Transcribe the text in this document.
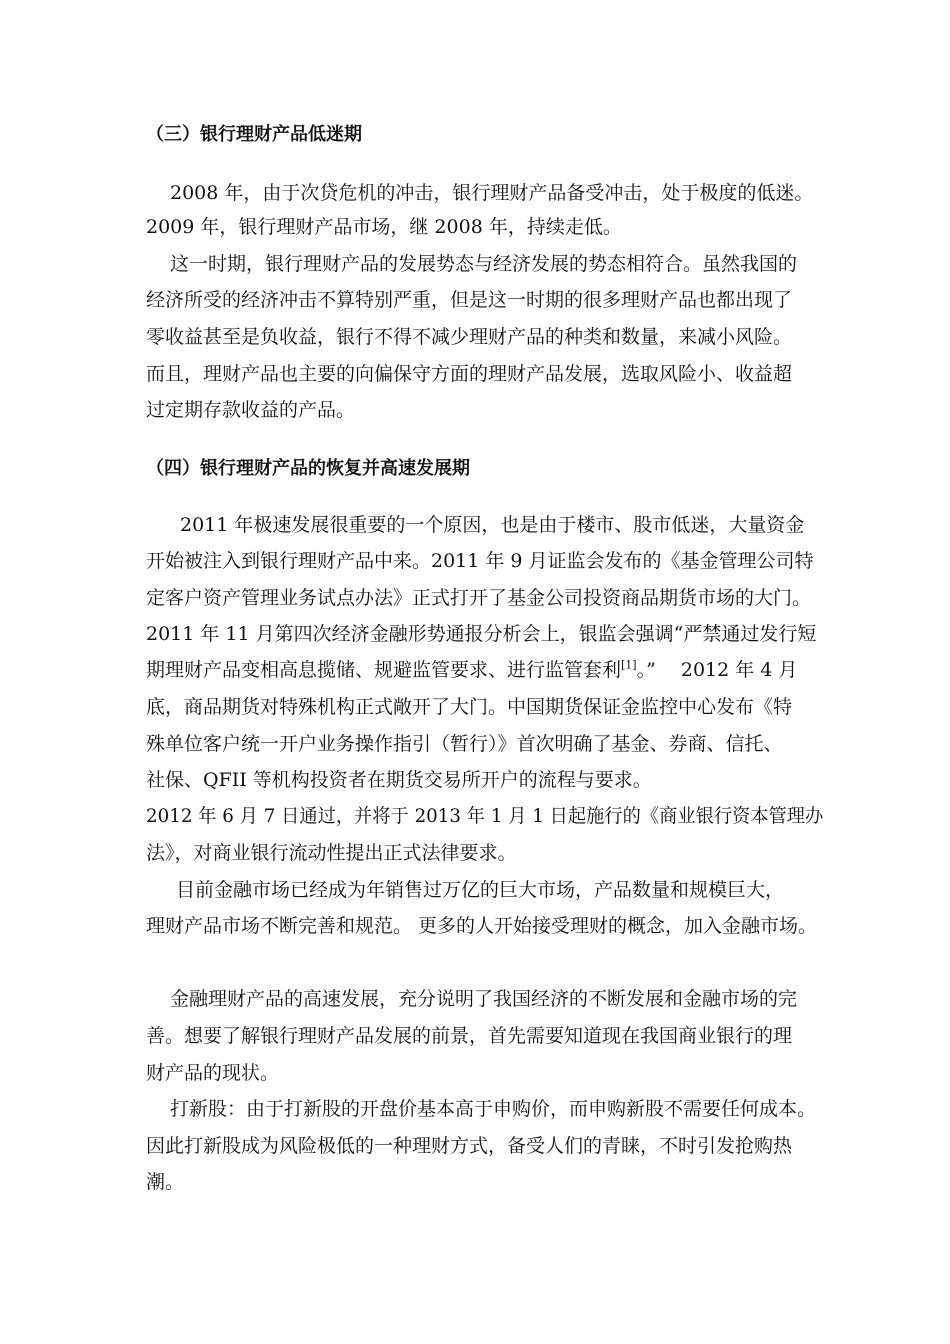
（三）银行理财产品低迷期
2008 年，由于次贷危机的冲击，银行理财产品备受冲击，处于极度的低迷。
2009 年，银行理财产品市场，继 2008 年，持续走低。
这一时期，银行理财产品的发展势态与经济发展的势态相符合。虽然我国的
经济所受的经济冲击不算特别严重，但是这一时期的很多理财产品也都出现了
零收益甚至是负收益，银行不得不减少理财产品的种类和数量，来减小风险。
而且，理财产品也主要的向偏保守方面的理财产品发展，选取风险小、收益超
过定期存款收益的产品。
（四）银行理财产品的恢复并高速发展期
2011 年极速发展很重要的一个原因，也是由于楼市、股市低迷，大量资金
开始被注入到银行理财产品中来。2011 年 9 月证监会发布的《基金管理公司特
定客户资产管理业务试点办法》正式打开了基金公司投资商品期货市场的大门。
2011 年 11 月第四次经济金融形势通报分析会上，银监会强调“严禁通过发行短
期理财产品变相高息揽储、规避监管要求、进行监管套利[1]。”　 2012 年 4 月
底，商品期货对特殊机构正式敞开了大门。中国期货保证金监控中心发布《特
殊单位客户统一开户业务操作指引（暂行）》首次明确了基金、券商、信托、
社保、QFII 等机构投资者在期货交易所开户的流程与要求。
2012 年 6 月 7 日通过，并将于 2013 年 1 月 1 日起施行的《商业银行资本管理办
法》，对商业银行流动性提出正式法律要求。
目前金融市场已经成为年销售过万亿的巨大市场，产品数量和规模巨大，
理财产品市场不断完善和规范。 更多的人开始接受理财的概念，加入金融市场。
金融理财产品的高速发展，充分说明了我国经济的不断发展和金融市场的完
善。想要了解银行理财产品发展的前景，首先需要知道现在我国商业银行的理
财产品的现状。
打新股：由于打新股的开盘价基本高于申购价，而申购新股不需要任何成本。
因此打新股成为风险极低的一种理财方式，备受人们的青睐，不时引发抢购热
潮。
